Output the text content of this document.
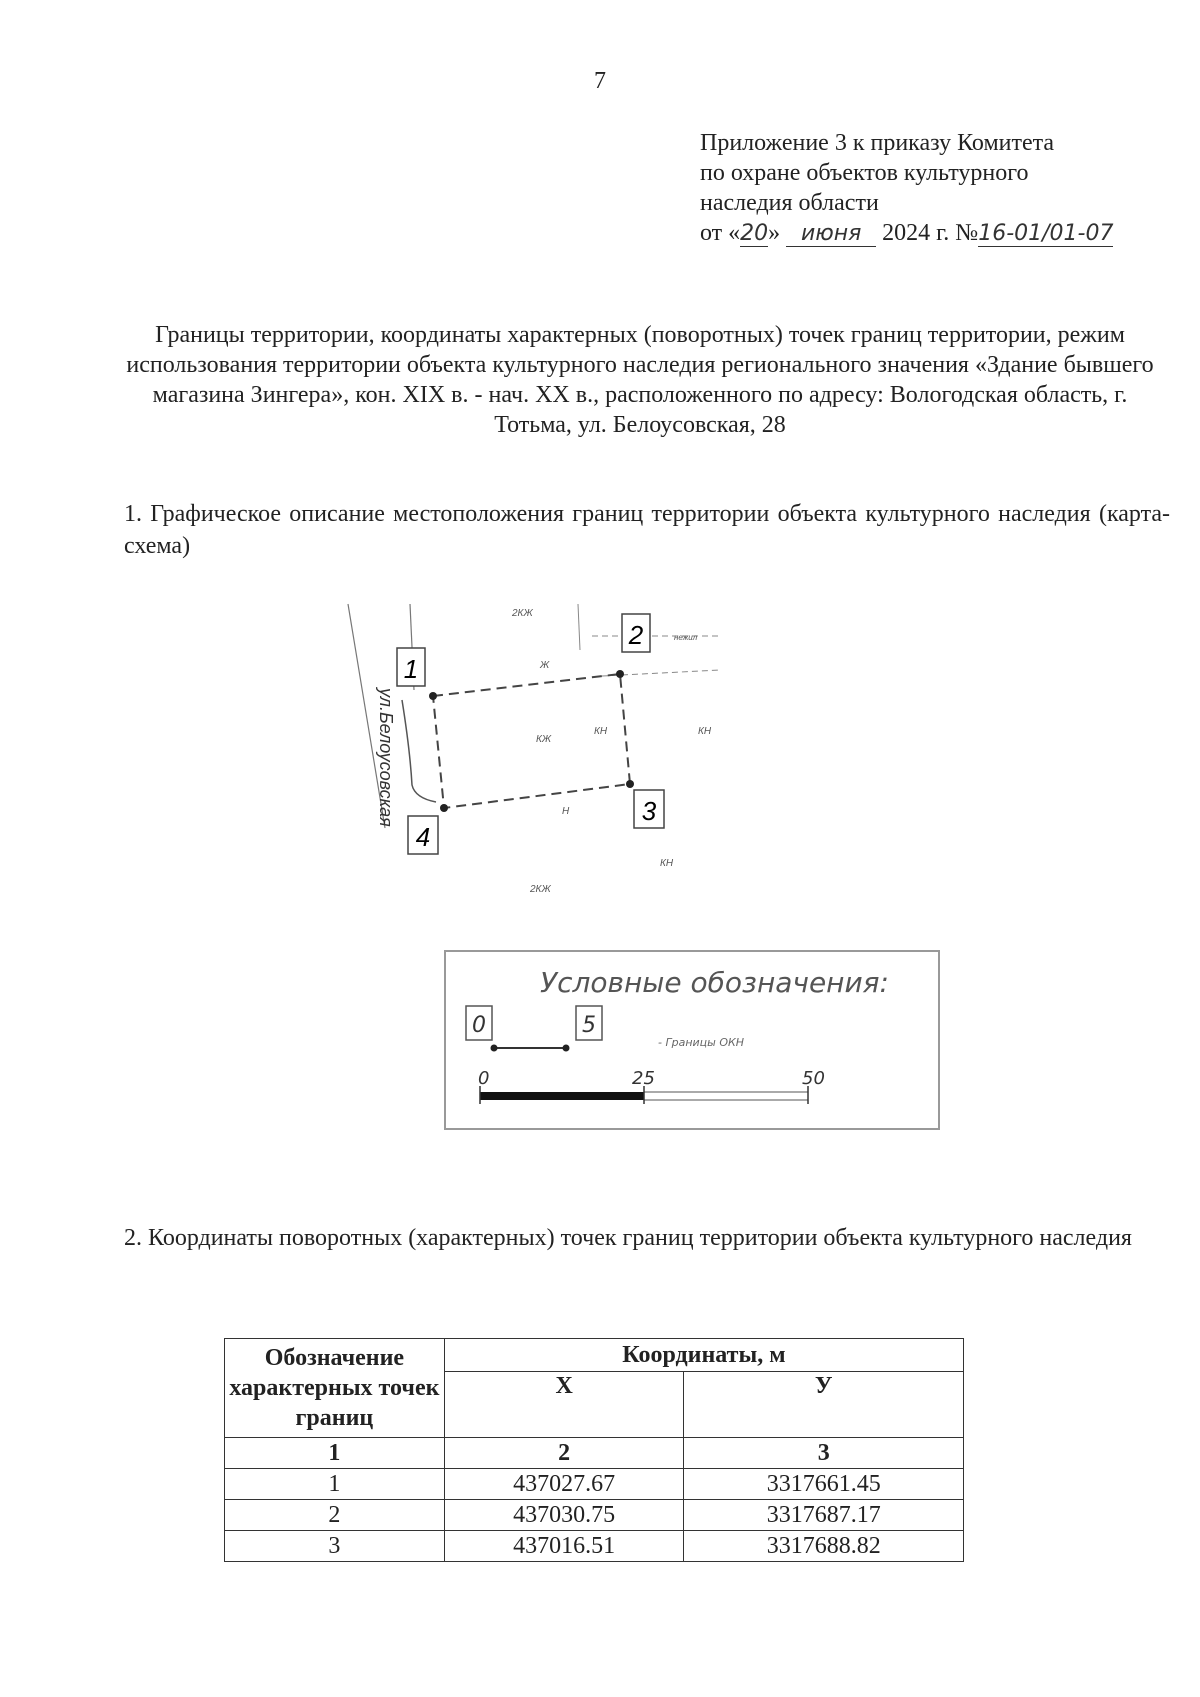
7
Приложение 3 к приказу Комитета
по охране объектов культурного
наследия области
от «20» июня 2024 г. №16-01/01-07
Границы территории, координаты характерных (поворотных) точек границ территории, режим использования территории объекта культурного наследия регионального значения «Здание бывшего магазина Зингера», кон. XIX в. - нач. XX в., расположенного по адресу: Вологодская область, г. Тотьма, ул. Белоусовская, 28
1. Графическое описание местоположения границ территории объекта культурного наследия (карта-схема)
1
2
3
4
ул.Белоусовская
2КЖ
Ж
КЖ
КН
Н
КН
2КЖ
КН
нежил
Условные обозначения:
0	5
- Границы ОКН
0	25	50
2. Координаты поворотных (характерных) точек границ территории объекта культурного наследия
Обозначение характерных точек границ	Координаты, м	
	X	У
1	2	3
1	437027.67	3317661.45
2	437030.75	3317687.17
3	437016.51	3317688.82
